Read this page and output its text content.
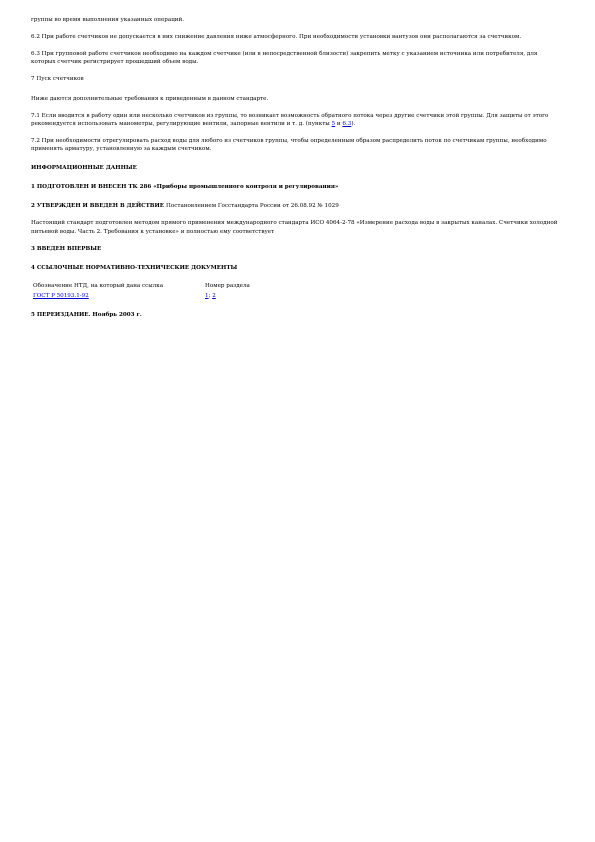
группы во время выполнения указанных операций.

6.2 При работе счетчиков не допускается в них снижение давления ниже атмосферного. При необходимости установки вантузов они располагаются за счетчиком.

6.3 При групповой работе счетчиков необходимо на каждом счетчике (или в непосредственной близости) закрепить метку с указанием источника или потребителя, для которых счетчик регистрирует прошедший объем воды.

7 Пуск счетчиков

Ниже даются дополнительные требования к приведенным в данном стандарте.

7.1 Если вводится в работу один или несколько счетчиков из группы, то возникает возможность обратного потока через другие счетчики этой группы. Для защиты от этого рекомендуется использовать манометры, регулирующие вентили, запорные вентили и т. д. (пункты 5 и 6.3).

7.2 При необходимости отрегулировать расход воды для любого из счетчиков группы, чтобы определенным образом распределить поток по счетчикам группы, необходимо применять арматуру, установленную за каждым счетчиком.

ИНФОРМАЦИОННЫЕ ДАННЫЕ

1 ПОДГОТОВЛЕН И ВНЕСЕН ТК 286 «Приборы промышленного контроля и регулирования»

2 УТВЕРЖДЕН И ВВЕДЕН В ДЕЙСТВИЕ Постановлением Госстандарта России от 26.08.92 № 1029

Настоящий стандарт подготовлен методом прямого применения международного стандарта ИСО 4064-2-78 «Измерение расхода воды в закрытых каналах. Счетчики холодной питьевой воды. Часть 2. Требования к установке» и полностью ему соответствует

3 ВВЕДЕН ВПЕРВЫЕ

4 ССЫЛОЧНЫЕ НОРМАТИВНО-ТЕХНИЧЕСКИЕ ДОКУМЕНТЫ

Обозначение НТД, на который дана ссылка	Номер раздела
ГОСТ Р 50193.1-92	1; 2

5 ПЕРЕИЗДАНИЕ. Ноябрь 2003 г.
